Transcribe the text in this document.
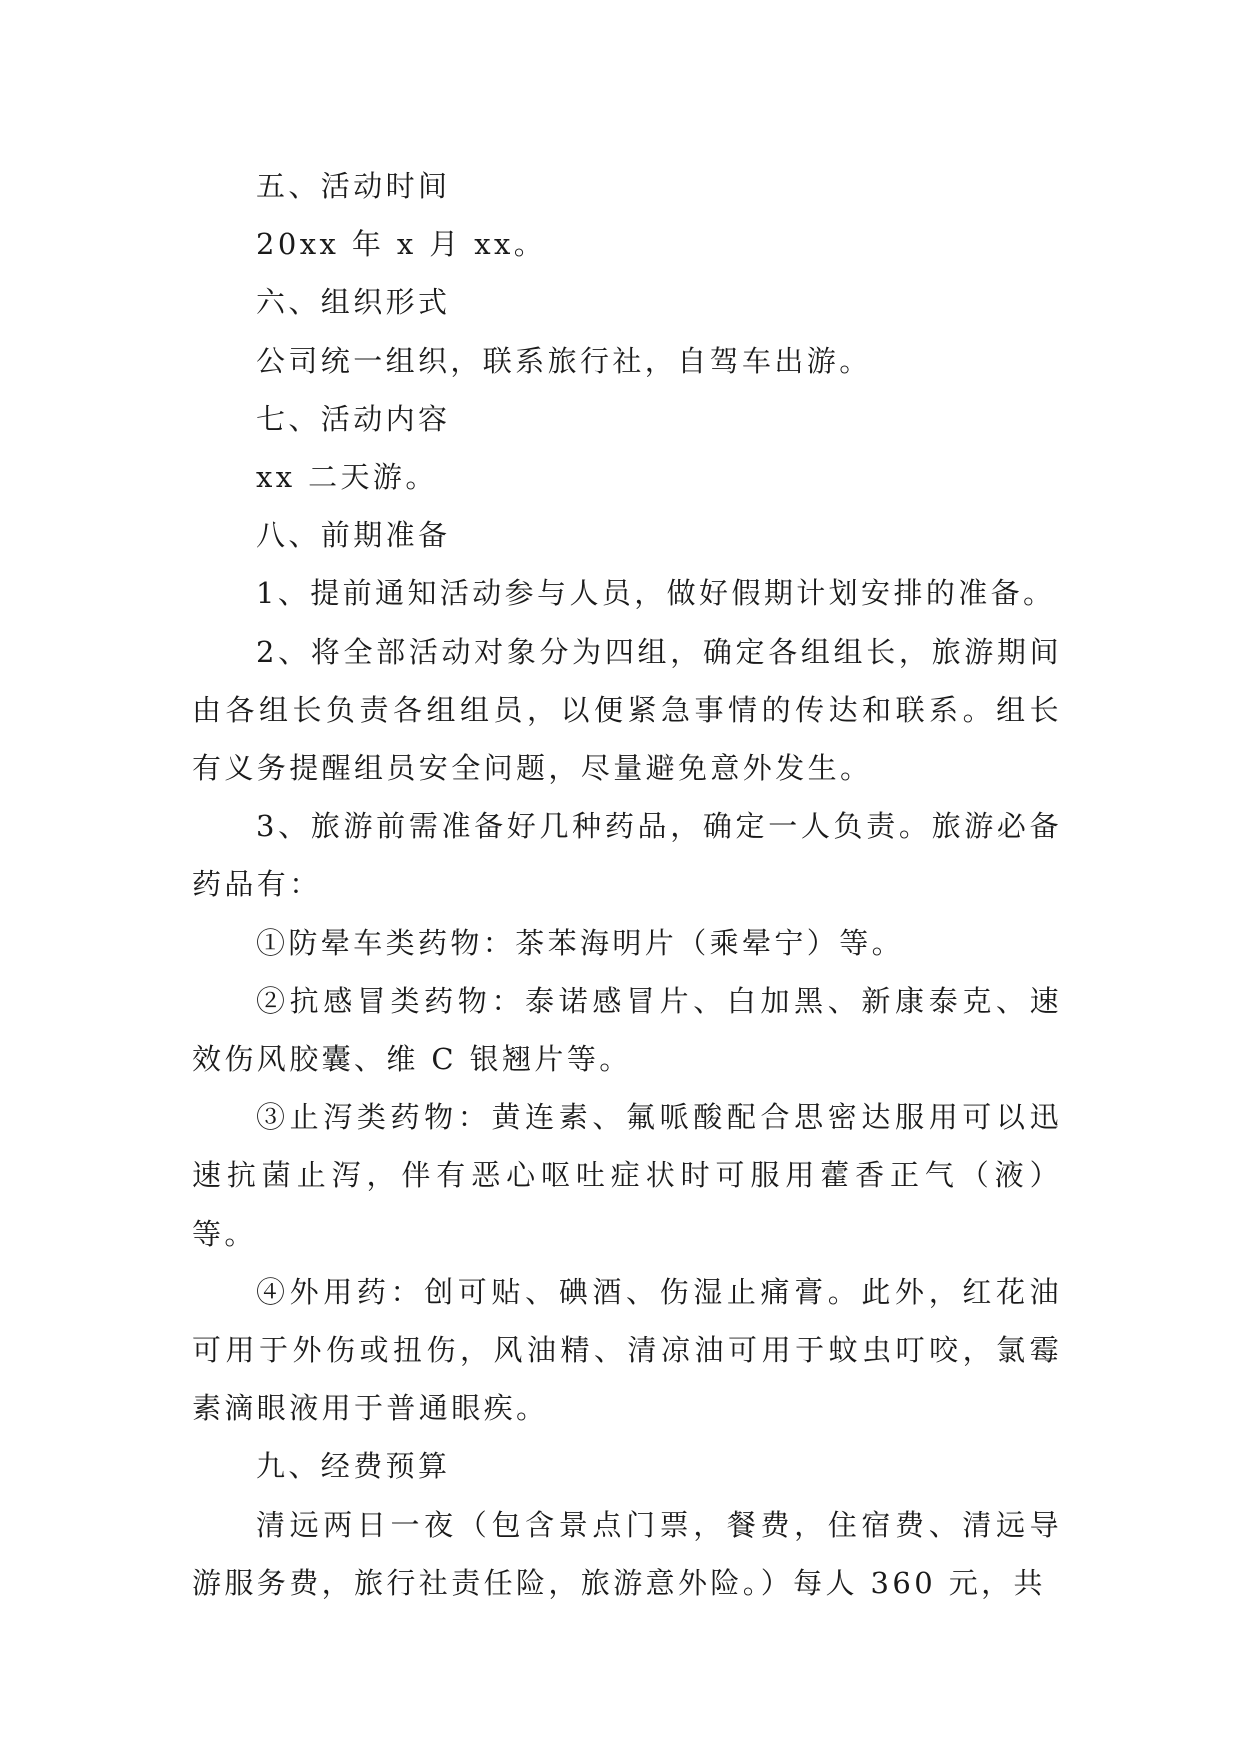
五、活动时间

20xx 年 x 月 xx。

六、组织形式

公司统一组织，联系旅行社，自驾车出游。

七、活动内容

xx 二天游。

八、前期准备

1、提前通知活动参与人员，做好假期计划安排的准备。

2、将全部活动对象分为四组，确定各组组长，旅游期间由各组长负责各组组员，以便紧急事情的传达和联系。组长有义务提醒组员安全问题，尽量避免意外发生。

3、旅游前需准备好几种药品，确定一人负责。旅游必备药品有：

①防晕车类药物：茶苯海明片（乘晕宁）等。

②抗感冒类药物：泰诺感冒片、白加黑、新康泰克、速效伤风胶囊、维 C 银翘片等。

③止泻类药物：黄连素、氟哌酸配合思密达服用可以迅速抗菌止泻，伴有恶心呕吐症状时可服用藿香正气（液）等。

④外用药：创可贴、碘酒、伤湿止痛膏。此外，红花油可用于外伤或扭伤，风油精、清凉油可用于蚊虫叮咬，氯霉素滴眼液用于普通眼疾。

九、经费预算

清远两日一夜（包含景点门票，餐费，住宿费、清远导游服务费，旅行社责任险，旅游意外险。）每人 360 元，共
